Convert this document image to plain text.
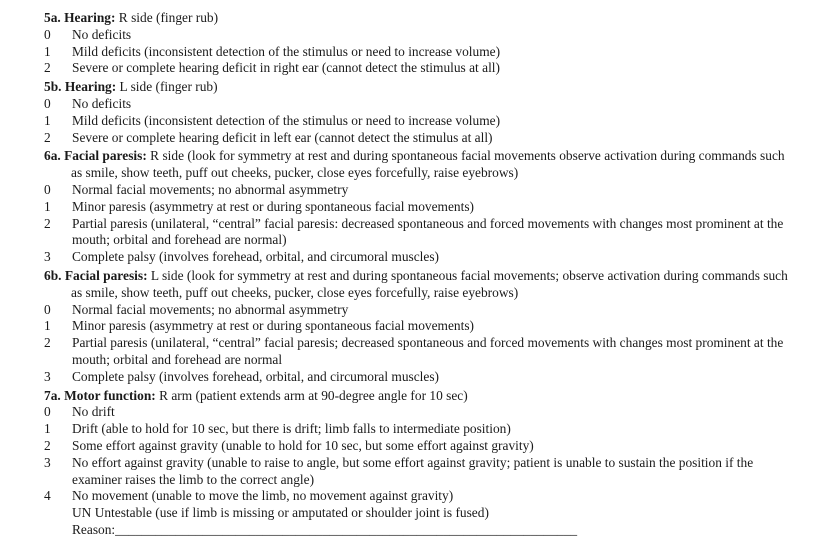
5a. Hearing: R side (finger rub)
0	No deficits
1	Mild deficits (inconsistent detection of the stimulus or need to increase volume)
2	Severe or complete hearing deficit in right ear (cannot detect the stimulus at all)
5b. Hearing: L side (finger rub)
0	No deficits
1	Mild deficits (inconsistent detection of the stimulus or need to increase volume)
2	Severe or complete hearing deficit in left ear (cannot detect the stimulus at all)
6a. Facial paresis: R side (look for symmetry at rest and during spontaneous facial movements observe activation during commands such as smile, show teeth, puff out cheeks, pucker, close eyes forcefully, raise eyebrows)
0	Normal facial movements; no abnormal asymmetry
1	Minor paresis (asymmetry at rest or during spontaneous facial movements)
2	Partial paresis (unilateral, “central” facial paresis: decreased spontaneous and forced movements with changes most prominent at the mouth; orbital and forehead are normal)
3	Complete palsy (involves forehead, orbital, and circumoral muscles)
6b. Facial paresis: L side (look for symmetry at rest and during spontaneous facial movements; observe activation during commands such as smile, show teeth, puff out cheeks, pucker, close eyes forcefully, raise eyebrows)
0	Normal facial movements; no abnormal asymmetry
1	Minor paresis (asymmetry at rest or during spontaneous facial movements)
2	Partial paresis (unilateral, “central” facial paresis; decreased spontaneous and forced movements with changes most prominent at the mouth; orbital and forehead are normal
3	Complete palsy (involves forehead, orbital, and circumoral muscles)
7a. Motor function: R arm (patient extends arm at 90-degree angle for 10 sec)
0	No drift
1	Drift (able to hold for 10 sec, but there is drift; limb falls to intermediate position)
2	Some effort against gravity (unable to hold for 10 sec, but some effort against gravity)
3	No effort against gravity (unable to raise to angle, but some effort against gravity; patient is unable to sustain the position if the examiner raises the limb to the correct angle)
4	No movement (unable to move the limb, no movement against gravity)
UN Untestable (use if limb is missing or amputated or shoulder joint is fused)
Reason:_____________________________________________________________________
